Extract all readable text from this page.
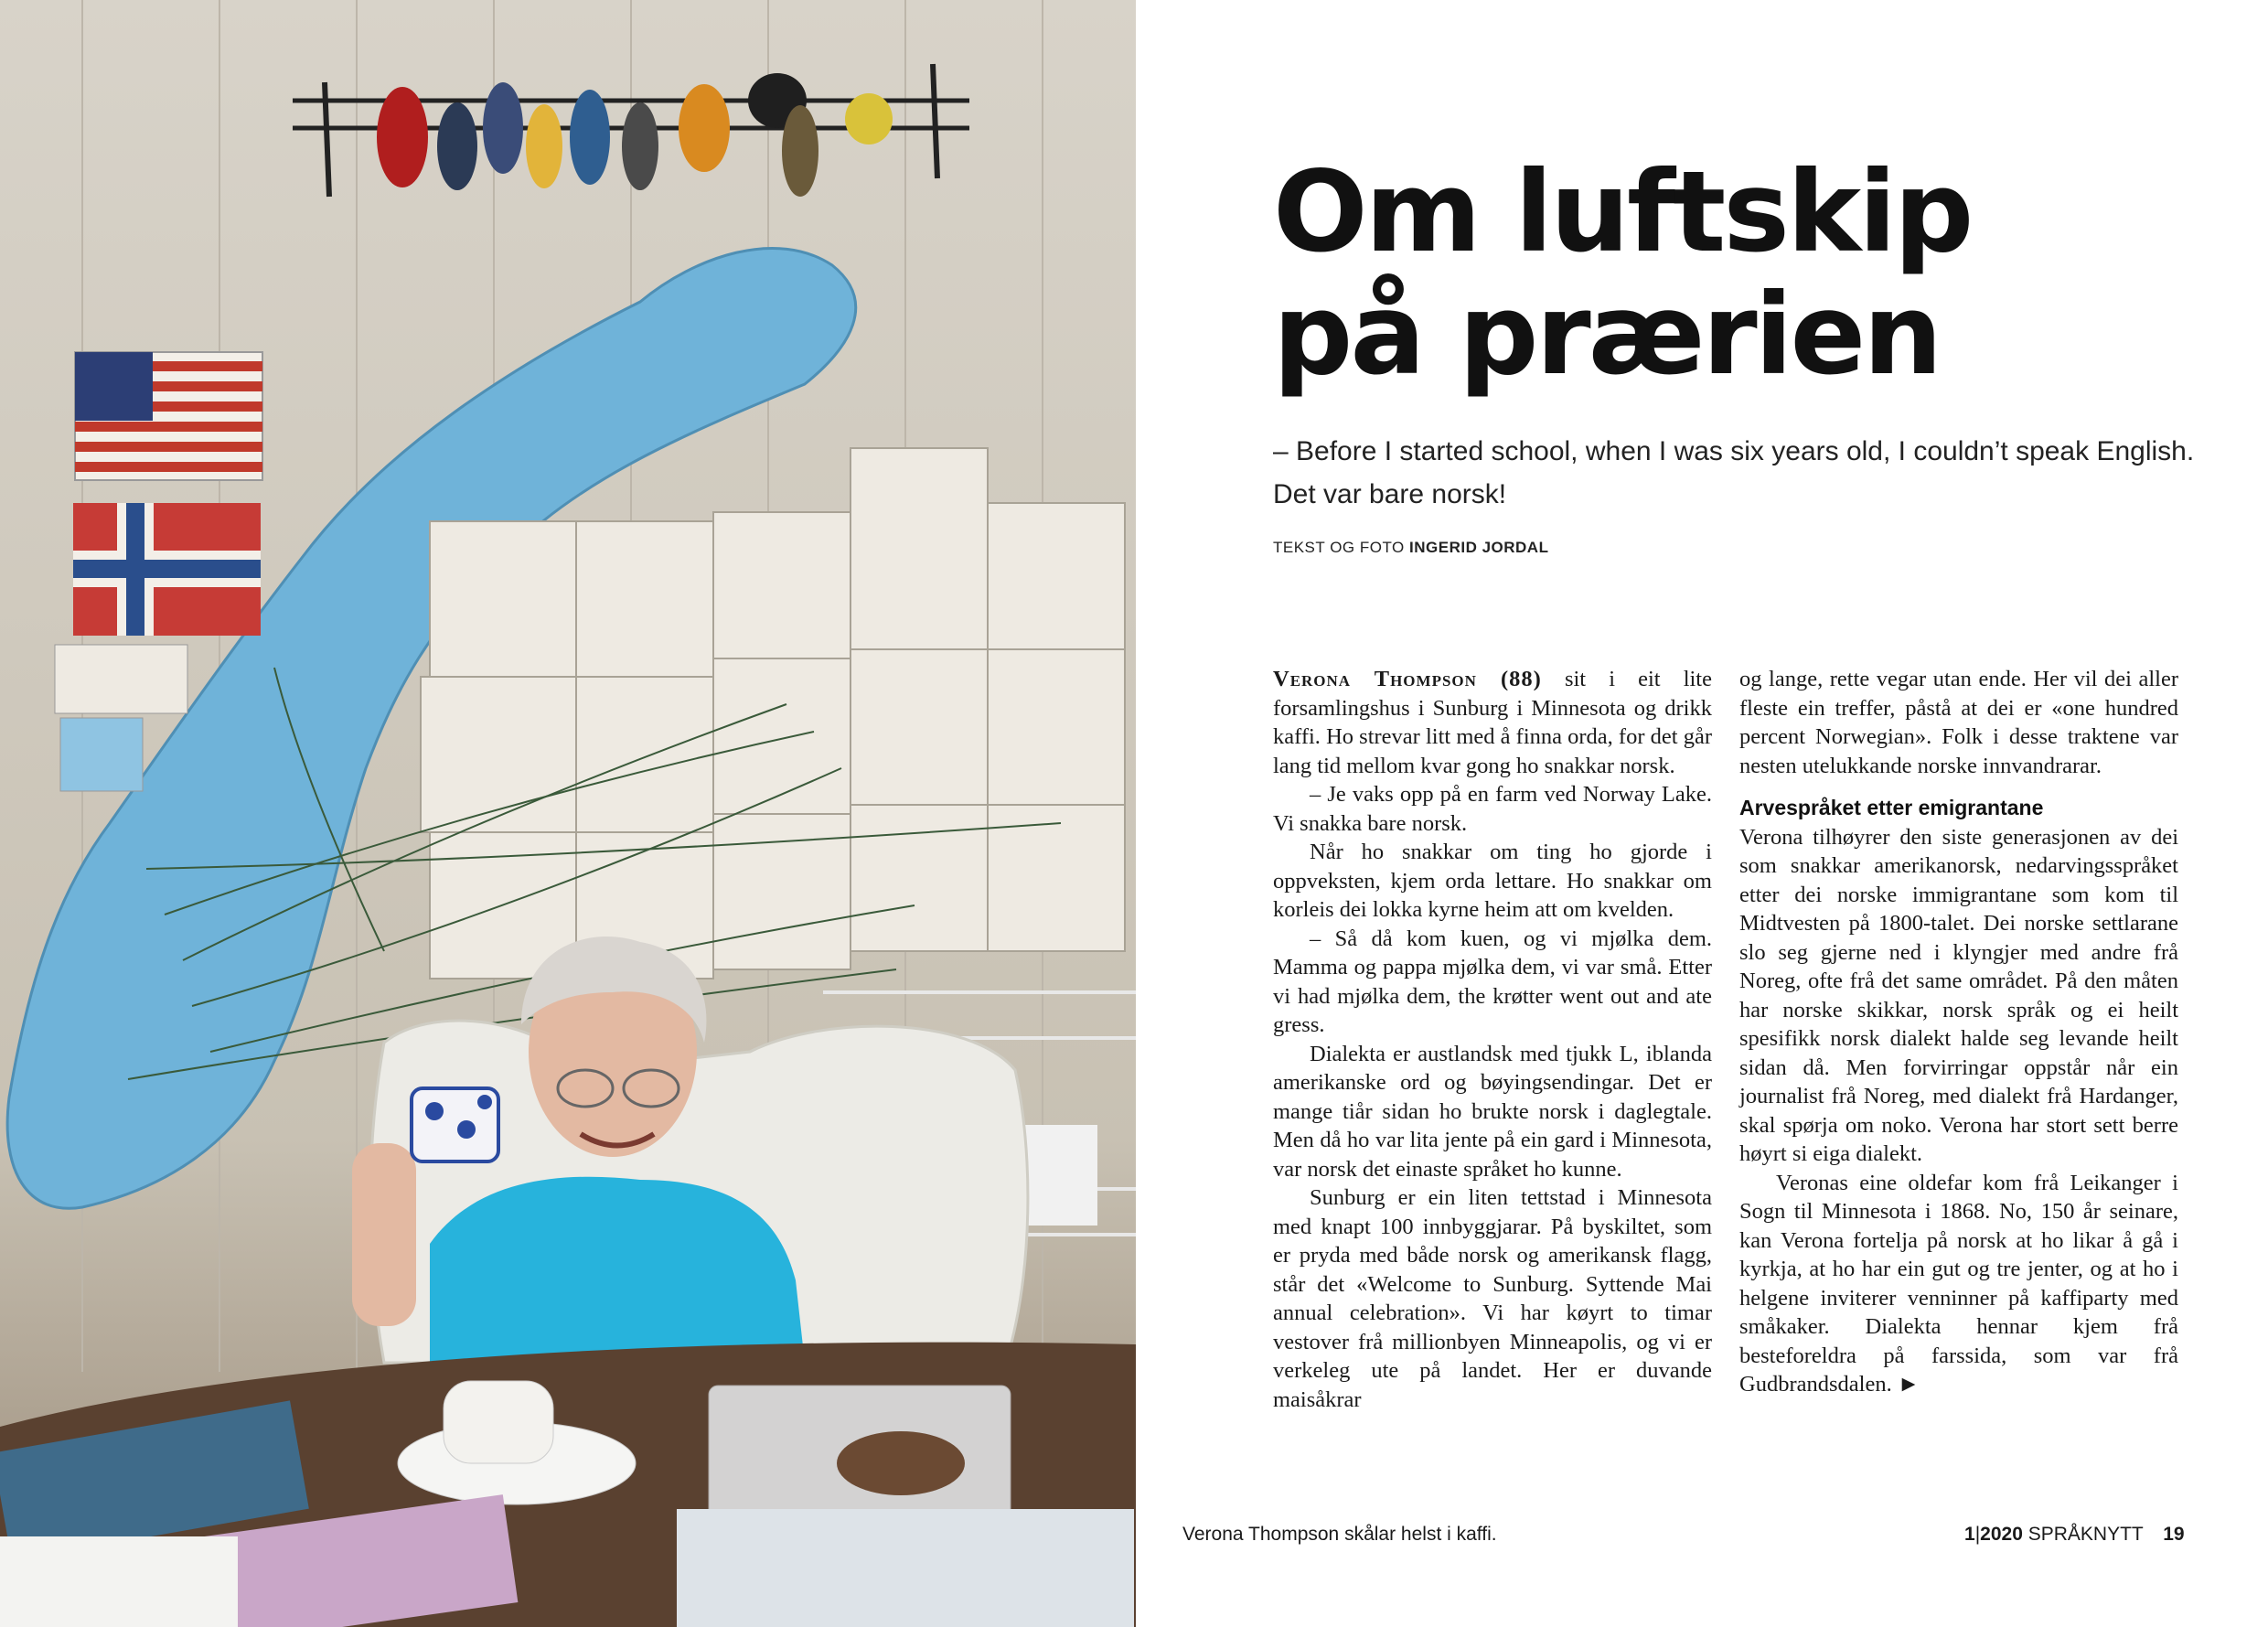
Verona Thompson skålar helst i kaffi.
Om luftskip
på prærien
– Before I started school, when I was six years old, I couldn’t speak English. Det var bare norsk!
TEKST OG FOTO INGERID JORDAL

Verona Thompson (88) sit i eit lite forsamlingshus i Sunburg i Minnesota og drikk kaffi. Ho strevar litt med å finna orda, for det går lang tid mellom kvar gong ho snakkar norsk.

– Je vaks opp på en farm ved Norway Lake. Vi snakka bare norsk.

Når ho snakkar om ting ho gjorde i oppveksten, kjem orda lettare. Ho snakkar om korleis dei lokka kyrne heim att om kvelden.

– Så då kom kuen, og vi mjølka dem. Mamma og pappa mjølka dem, vi var små. Etter vi had mjølka dem, the krøtter went out and ate gress.

Dialekta er austlandsk med tjukk L, iblanda amerikanske ord og bøyingsendingar. Det er mange tiår sidan ho brukte norsk i daglegtale. Men då ho var lita jente på ein gard i Minnesota, var norsk det einaste språket ho kunne.

Sunburg er ein liten tettstad i Minnesota med knapt 100 innbyggjarar. På byskiltet, som er pryda med både norsk og amerikansk flagg, står det «Welcome to Sunburg. Syttende Mai annual celebration». Vi har køyrt to timar vestover frå millionbyen Minneapolis, og vi er verkeleg ute på landet. Her er duvande maisåkrar

og lange, rette vegar utan ende. Her vil dei aller fleste ein treffer, påstå at dei er «one hundred percent Norwegian». Folk i desse traktene var nesten utelukkande norske innvandrarar.

Arvespråket etter emigrantane

Verona tilhøyrer den siste generasjonen av dei som snakkar amerikanorsk, nedarvingsspråket etter dei norske immigrantane som kom til Midtvesten på 1800-talet. Dei norske settlarane slo seg gjerne ned i klyngjer med andre frå Noreg, ofte frå det same området. På den måten har norske skikkar, norsk språk og ei heilt spesifikk norsk dialekt halde seg levande heilt sidan då. Men forvirringar oppstår når ein journalist frå Noreg, med dialekt frå Hardanger, skal spørja om noko. Verona har stort sett berre høyrt si eiga dialekt.

Veronas eine oldefar kom frå Leikanger i Sogn til Minnesota i 1868. No, 150 år seinare, kan Verona fortelja på norsk at ho likar å gå i kyrkja, at ho har ein gut og tre jenter, og at ho i helgene inviterer venninner på kaffiparty med småkaker. Dialekta hennar kjem frå besteforeldra på farssida, som var frå Gudbrandsdalen. ►

1|2020 SPRÅKNYTT 19
